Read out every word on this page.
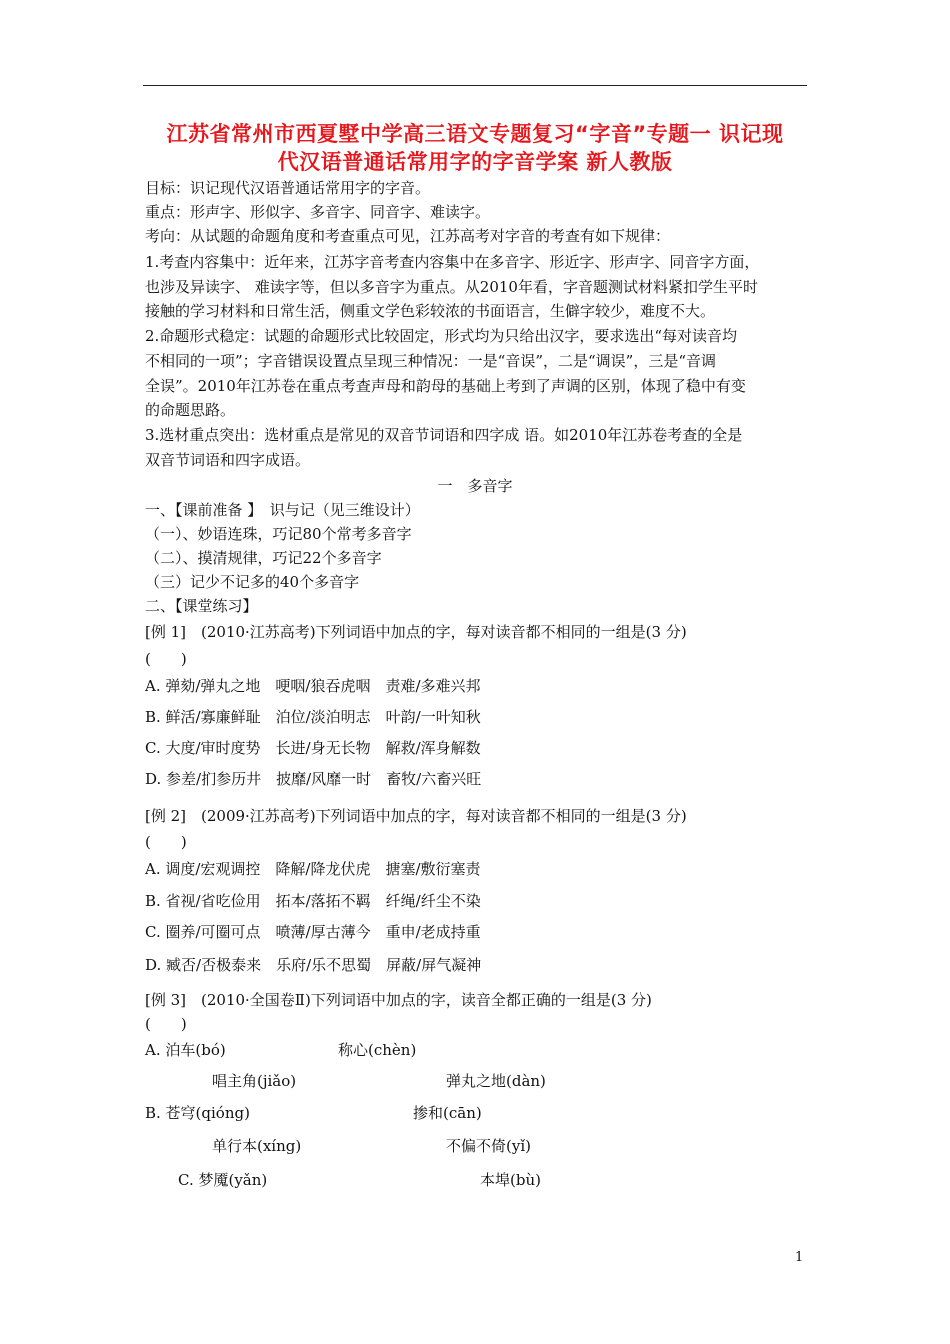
江苏省常州市西夏墅中学高三语文专题复习“字音”专题一 识记现
代汉语普通话常用字的字音学案 新人教版
目标：识记现代汉语普通话常用字的字音。
重点：形声字、形似字、多音字、同音字、难读字。
考向：从试题的命题角度和考查重点可见，江苏高考对字音的考查有如下规律：
1.考查内容集中：近年来，江苏字音考查内容集中在多音字、形近字、形声字、同音字方面，
也涉及异读字、 难读字等，但以多音字为重点。从2010年看，字音题测试材料紧扣学生平时
接触的学习材料和日常生活，侧重文学色彩较浓的书面语言，生僻字较少，难度不大。
2.命题形式稳定：试题的命题形式比较固定，形式均为只给出汉字，要求选出“每对读音均
不相同的一项”；字音错误设置点呈现三种情况：一是“音误”，二是“调误”，三是“音调
全误”。2010年江苏卷在重点考查声母和韵母的基础上考到了声调的区别，体现了稳中有变
的命题思路。
3.选材重点突出：选材重点是常见的双音节词语和四字成 语。如2010年江苏卷考查的全是
双音节词语和四字成语。
一　多音字
一、【课前准备 】　识与记（见三维设计）
（一）、妙语连珠，巧记80个常考多音字
（二）、摸清规律，巧记22个多音字
（三）记少不记多的40个多音字
二、【课堂练习】
[例 1]　(2010·江苏高考)下列词语中加点的字，每对读音都不相同的一组是(3 分)
(　　)
A. 弹劾/弹丸之地　哽咽/狼吞虎咽　责难/多难兴邦
B. 鲜活/寡廉鲜耻　泊位/淡泊明志　叶韵/一叶知秋
C. 大度/审时度势　长进/身无长物　解救/浑身解数
D. 参差/扪参历井　披靡/风靡一时　畜牧/六畜兴旺
[例 2]　(2009·江苏高考)下列词语中加点的字，每对读音都不相同的一组是(3 分)
(　　)
A. 调度/宏观调控　降解/降龙伏虎　搪塞/敷衍塞责
B. 省视/省吃俭用　拓本/落拓不羁　纤绳/纤尘不染
C. 圈养/可圈可点　喷薄/厚古薄今　重申/老成持重
D. 臧否/否极泰来　乐府/乐不思蜀　屏蔽/屏气凝神
[例 3]　(2010·全国卷Ⅱ)下列词语中加点的字，读音全都正确的一组是(3 分)
(　　)
A. 泊车(bó)	称心(chèn)
唱主角(jiǎo)	弹丸之地(dàn)
B. 苍穹(qióng)	掺和(cān)
单行本(xíng)	不偏不倚(yǐ)
C. 梦魇(yǎn)	本埠(bù)
1
